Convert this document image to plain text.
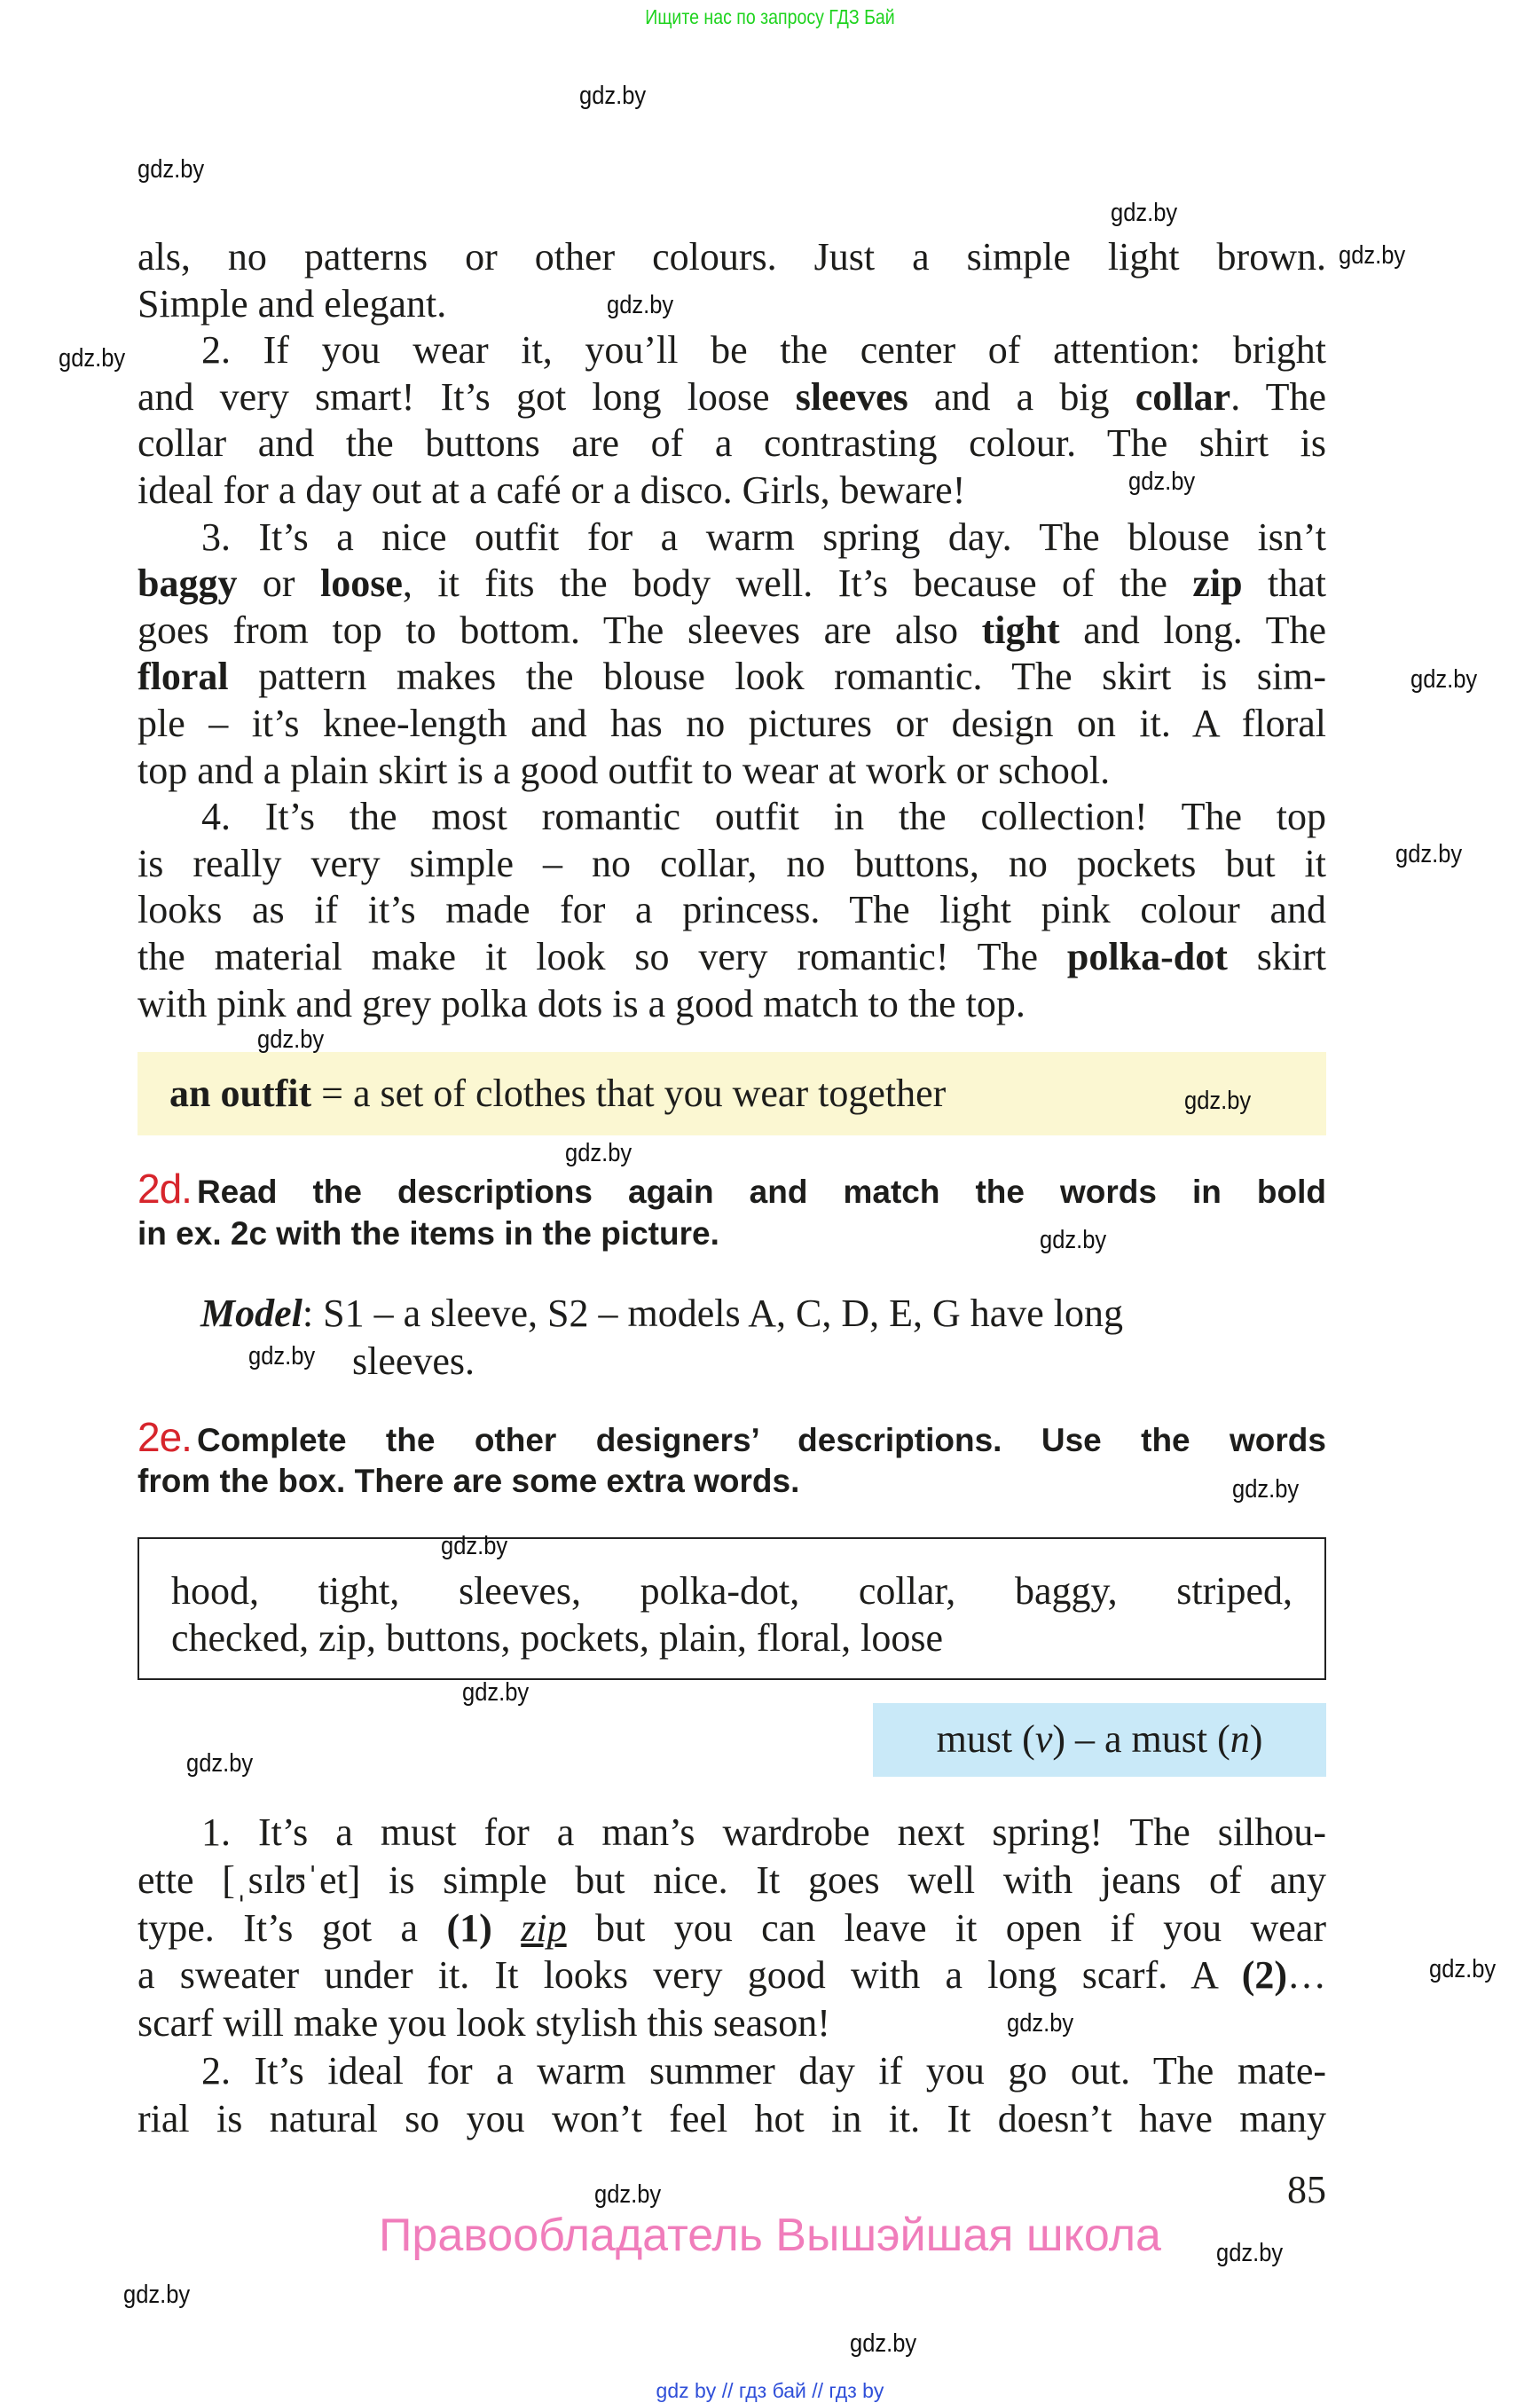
Ищите нас по запросу ГДЗ Бай
als, no patterns or other colours. Just a simple light brown.
Simple and elegant.
2. If you wear it, you’ll be the center of attention: bright
and very smart! It’s got long loose sleeves and a big collar. The
collar and the buttons are of a contrasting colour. The shirt is
ideal for a day out at a café or a disco. Girls, beware!
3. It’s a nice outfit for a warm spring day. The blouse isn’t
baggy or loose, it fits the body well. It’s because of the zip that
goes from top to bottom. The sleeves are also tight and long. The
floral pattern makes the blouse look romantic. The skirt is sim-
ple – it’s knee-length and has no pictures or design on it. A floral
top and a plain skirt is a good outfit to wear at work or school.
4. It’s the most romantic outfit in the collection! The top
is really very simple – no collar, no buttons, no pockets but it
looks as if it’s made for a princess. The light pink colour and
the material make it look so very romantic! The polka-dot skirt
with pink and grey polka dots is a good match to the top.
an outfit = a set of clothes that you wear together
2d. Read the descriptions again and match the words in bold
in ex. 2c with the items in the picture.
Model: S1 – a sleeve, S2 – models A, C, D, E, G have long
sleeves.
2e. Complete the other designers’ descriptions. Use the words
from the box. There are some extra words.
hood, tight, sleeves, polka-dot, collar, baggy, striped,
checked, zip, buttons, pockets, plain, floral, loose
must (v) – a must (n)
1. It’s a must for a man’s wardrobe next spring! The silhou-
ette [ˌsɪlʊˈet] is simple but nice. It goes well with jeans of any
type. It’s got a (1) zip but you can leave it open if you wear
a sweater under it. It looks very good with a long scarf. A (2)…
scarf will make you look stylish this season!
2. It’s ideal for a warm summer day if you go out. The mate-
rial is natural so you won’t feel hot in it. It doesn’t have many
85
Правообладатель Вышэйшая школа
gdz by // гдз бай // гдз by
gdz.by
gdz.by
gdz.by
gdz.by
gdz.by
gdz.by
gdz.by
gdz.by
gdz.by
gdz.by
gdz.by
gdz.by
gdz.by
gdz.by
gdz.by
gdz.by
gdz.by
gdz.by
gdz.by
gdz.by
gdz.by
gdz.by
gdz.by
gdz.by
